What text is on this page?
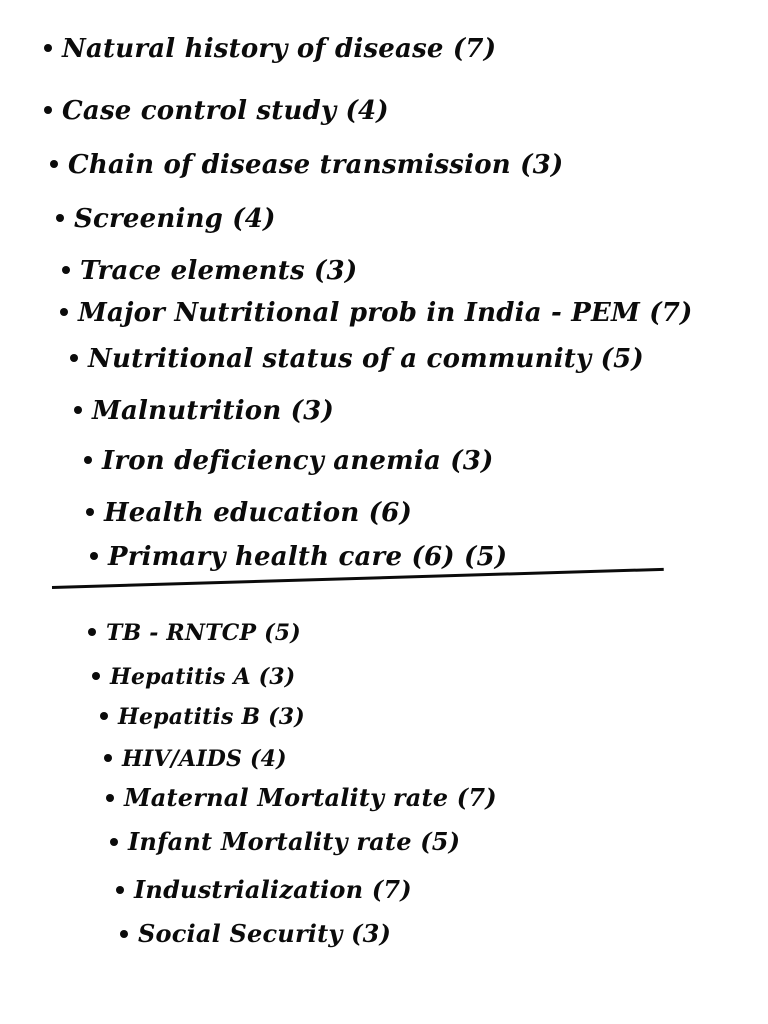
Natural history of disease (7)
Case control study (4)
Chain of disease transmission (3)
Screening (4)
Trace elements (3)
Major Nutritional prob in India - PEM (7)
Nutritional status of a community (5)
Malnutrition (3)
Iron deficiency anemia (3)
Health education (6)
Primary health care (6) (5)
TB - RNTCP (5)
Hepatitis A (3)
Hepatitis B (3)
HIV/AIDS (4)
Maternal Mortality rate (7)
Infant Mortality rate (5)
Industrialization (7)
Social Security (3)
